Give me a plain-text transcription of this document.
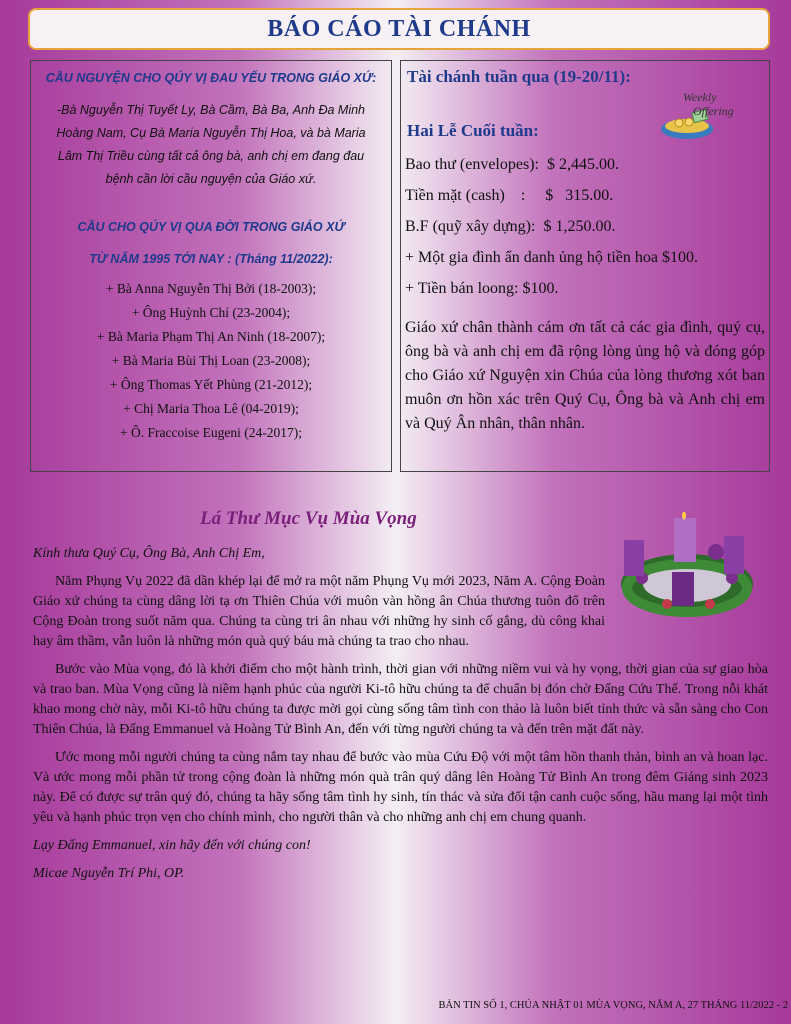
BÁO CÁO TÀI CHÁNH
CẦU NGUYỆN CHO QÚY VỊ ĐAU YẾU TRONG GIÁO XỨ:
-Bà Nguyễn Thị Tuyết Ly, Bà Cầm, Bà Ba, Anh Đa Minh Hoàng Nam, Cụ Bà Maria Nguyễn Thị Hoa, và bà Maria Lâm Thị Triều cùng tất cả ông bà, anh chị em đang đau bệnh cần lời cầu nguyện của Giáo xứ.
CẦU CHO QÚY VỊ QUA ĐỜI TRONG GIÁO XỨ
TỪ NĂM 1995 TỚI NAY : (Tháng 11/2022):
+ Bà Anna Nguyễn Thị Bởi (18-2003);
+ Ông Huỳnh Chí (23-2004);
+ Bà Maria Phạm Thị An Ninh (18-2007);
+ Bà Maria Bùi Thị Loan (23-2008);
+ Ông Thomas Yết Phùng (21-2012);
+ Chị Maria Thoa Lê (04-2019);
+ Ô. Fraccoise Eugeni (24-2017);
Tài chánh tuần qua (19-20/11):
Weekly
Offering
Hai Lễ Cuối tuần:
Bao thư (envelopes):  $ 2,445.00.
Tiền mặt (cash)    :     $   315.00.
B.F (quỹ xây dựng):  $ 1,250.00.
+ Một gia đình ẩn danh ủng hộ tiền hoa $100.
+ Tiền bán loong: $100.
Giáo xứ chân thành cám ơn tất cả các gia đình, quý cụ, ông bà và anh chị em đã rộng lòng ủng hộ và đóng góp cho Giáo xứ Nguyện xin Chúa của lòng thương xót ban muôn ơn hồn xác trên Quý Cụ, Ông bà và Anh chị em và Quý Ân nhân, thân nhân.
Lá Thư Mục Vụ Mùa Vọng

Kính thưa Quý Cụ, Ông Bà, Anh Chị Em,

Năm Phụng Vụ 2022 đã dần khép lại để mở ra một năm Phụng Vụ mới 2023, Năm A. Cộng Đoàn Giáo xứ chúng ta cùng dâng lời tạ ơn Thiên Chúa với muôn vàn hồng ân Chúa thương tuôn đổ trên Cộng Đoàn trong suốt năm qua. Chúng ta cùng tri ân nhau với những hy sinh cố gắng, dù công khai hay âm thầm, vẫn luôn là những món quà quý báu mà chúng ta trao cho nhau.

Bước vào Mùa vọng, đó là khởi điểm cho một hành trình, thời gian với những niềm vui và hy vọng, thời gian của sự giao hòa và trao ban. Mùa Vọng cũng là niềm hạnh phúc của người Ki-tô hữu chúng ta để chuẩn bị đón chờ Đấng Cứu Thế. Trong nỗi khát khao mong chờ này, mỗi Ki-tô hữu chúng ta được mời gọi cùng sống tâm tình con thảo là luôn biết tỉnh thức và sẵn sàng cho Con Thiên Chúa, là Đấng Emmanuel và Hoàng Tử Bình An, đến với từng người chúng ta và đến trên mặt đất này.

Ước mong mỗi người chúng ta cùng nắm tay nhau để bước vào mùa Cứu Độ với một tâm hồn thanh thản, bình an và hoan lạc. Và ước mong mỗi phần tử trong cộng đoàn là những món quà trân quý dâng lên Hoàng Tử Bình An trong đêm Giáng sinh 2023 này. Để có được sự trân quý đó, chúng ta hãy sống tâm tình hy sinh, tín thác và sửa đổi tận canh cuộc sống, hầu mang lại một tình yêu và hạnh phúc trọn vẹn cho chính mình, cho người thân và cho những anh chị em chung quanh.

Lạy Đấng Emmanuel, xin hãy đến với chúng con!

Micae Nguyễn Trí Phi, OP.

BẢN TIN SỐ 1, CHÚA NHẬT 01 MÙA VỌNG, NĂM A, 27 THÁNG 11/2022 - 2
